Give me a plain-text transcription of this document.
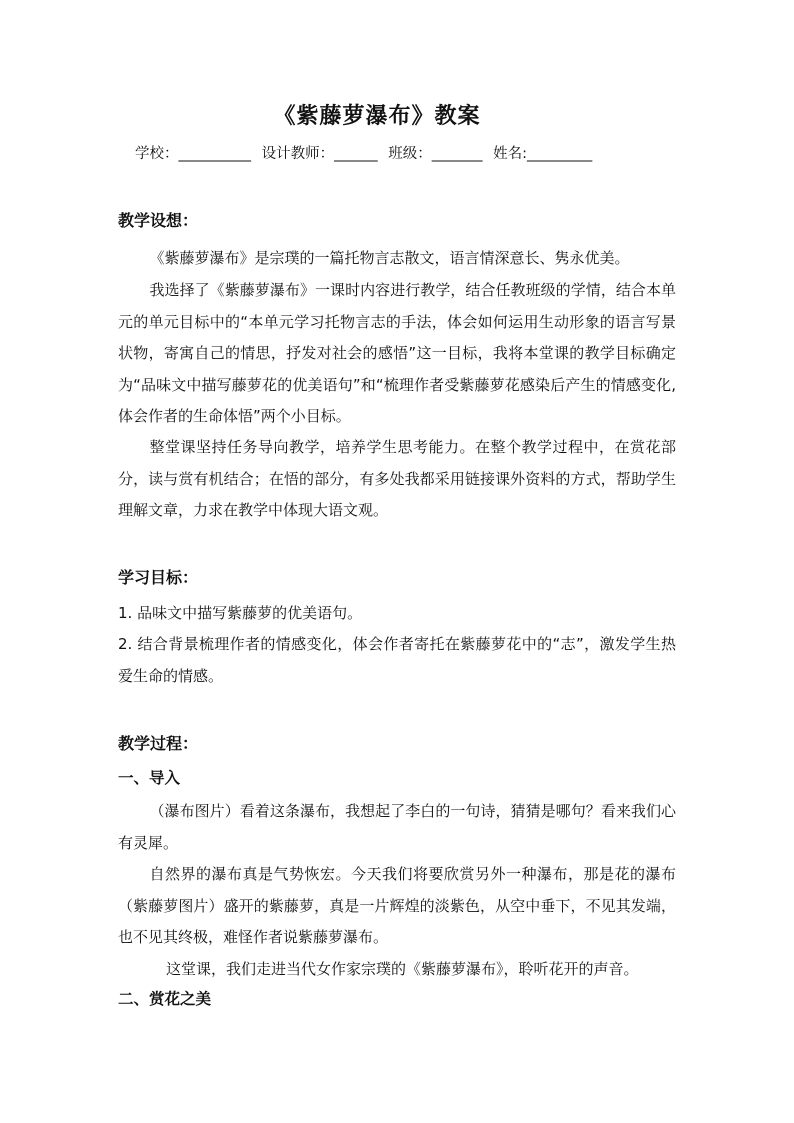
《紫藤萝瀑布》教案
学校：__________ 设计教师：______ 班级：_______ 姓名:_________
教学设想：

《紫藤萝瀑布》是宗璞的一篇托物言志散文，语言情深意长、隽永优美。

我选择了《紫藤萝瀑布》一课时内容进行教学，结合任教班级的学情，结合本单元的单元目标中的“本单元学习托物言志的手法，体会如何运用生动形象的语言写景状物，寄寓自己的情思，抒发对社会的感悟”这一目标，我将本堂课的教学目标确定为“品味文中描写藤萝花的优美语句”和“梳理作者受紫藤萝花感染后产生的情感变化,体会作者的生命体悟”两个小目标。

整堂课坚持任务导向教学，培养学生思考能力。在整个教学过程中，在赏花部分，读与赏有机结合；在悟的部分，有多处我都采用链接课外资料的方式，帮助学生理解文章，力求在教学中体现大语文观。

学习目标：

1. 品味文中描写紫藤萝的优美语句。

2. 结合背景梳理作者的情感变化，体会作者寄托在紫藤萝花中的“志”，激发学生热爱生命的情感。

教学过程：
一、导入

（瀑布图片）看着这条瀑布，我想起了李白的一句诗，猜猜是哪句？看来我们心有灵犀。

自然界的瀑布真是气势恢宏。今天我们将要欣赏另外一种瀑布，那是花的瀑布（紫藤萝图片）盛开的紫藤萝，真是一片辉煌的淡紫色，从空中垂下，不见其发端，也不见其终极，难怪作者说紫藤萝瀑布。

这堂课，我们走进当代女作家宗璞的《紫藤萝瀑布》，聆听花开的声音。

二、赏花之美
